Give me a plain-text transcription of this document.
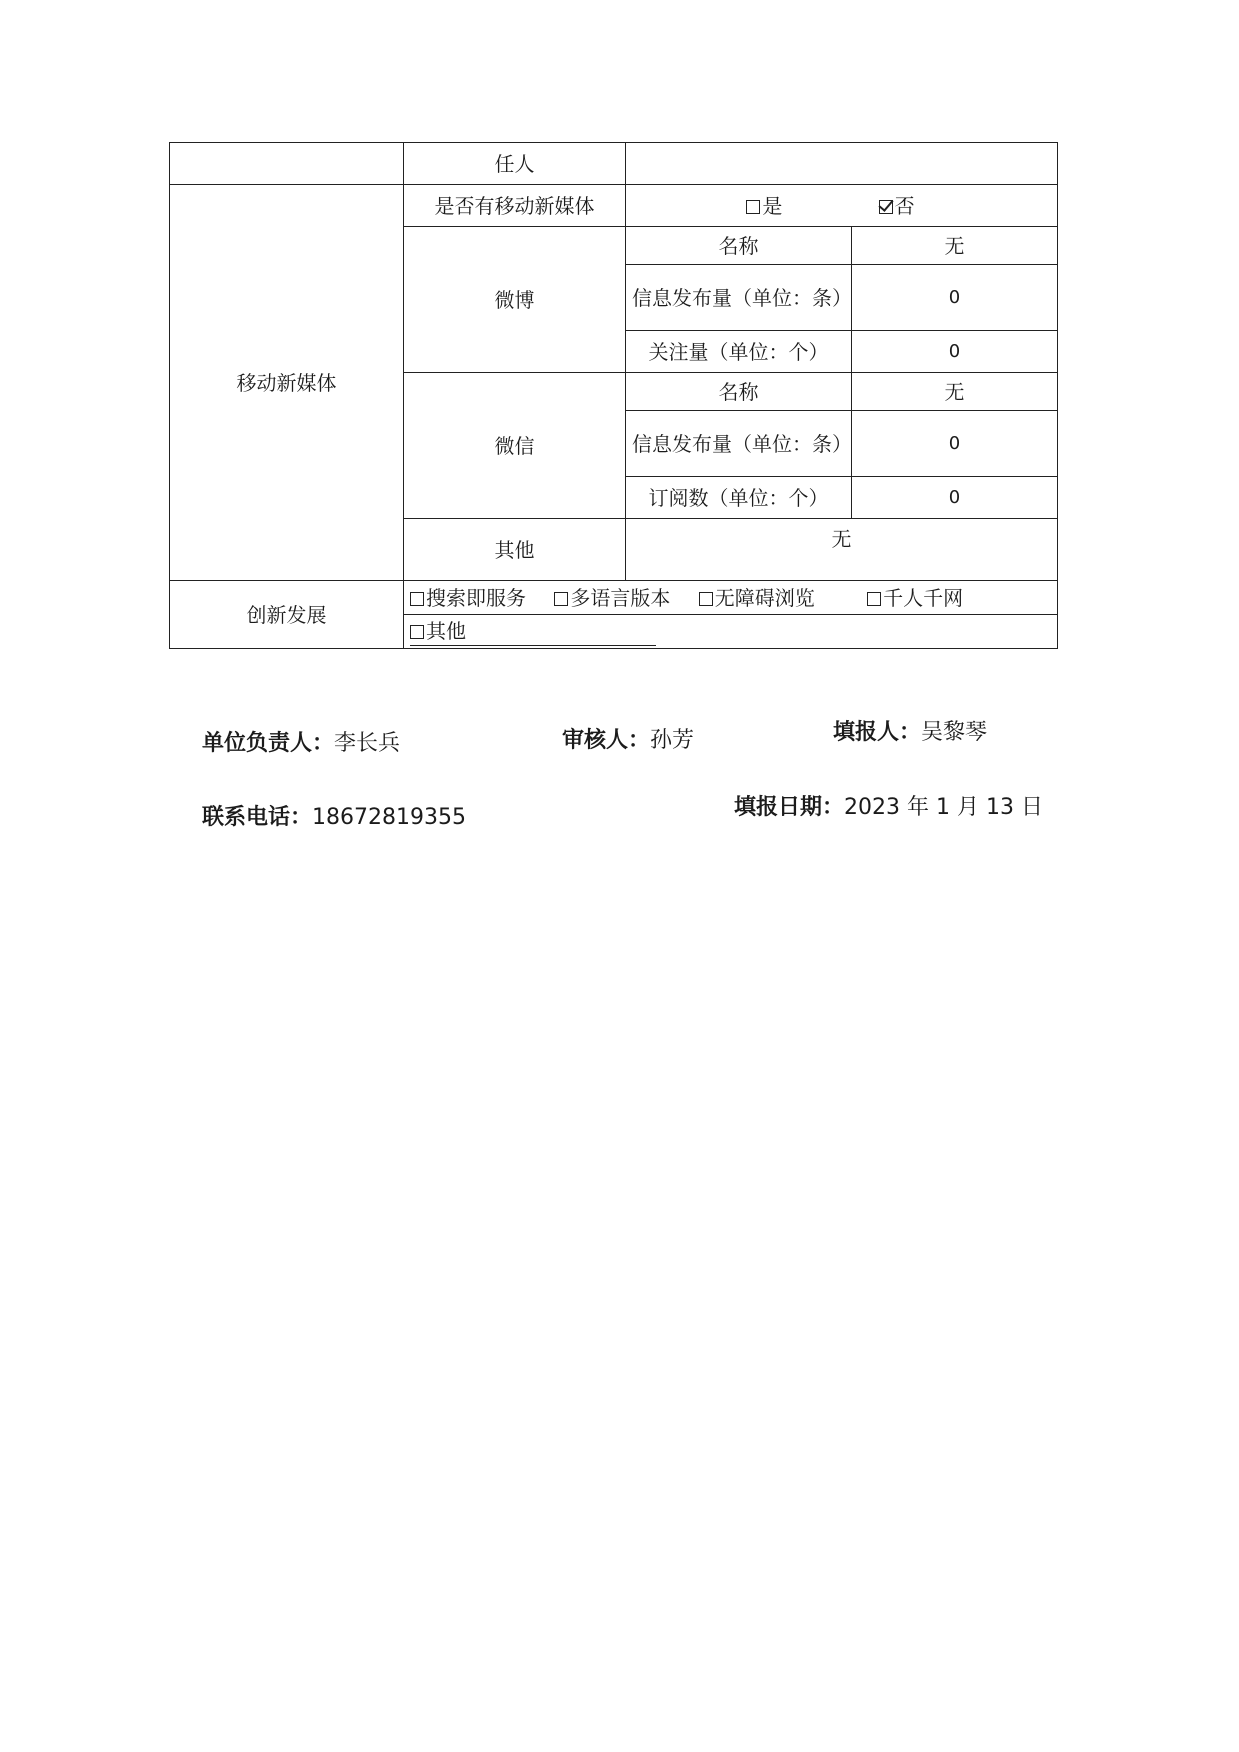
	任人		
移动新媒体	是否有移动新媒体	是 否	
	微博	名称	无
		信息发布量（单位：条）	0
		关注量（单位：个）	0
	微信	名称	无
		信息发布量（单位：条）	0
		订阅数（单位：个）	0
	其他	无	
创新发展	搜索即服务 多语言版本 无障碍浏览 千人千网		
	其他		
单位负责人：李长兵	审核人：孙芳	填报人：吴黎琴
联系电话：18672819355	填报日期：2023 年 1 月 13 日
